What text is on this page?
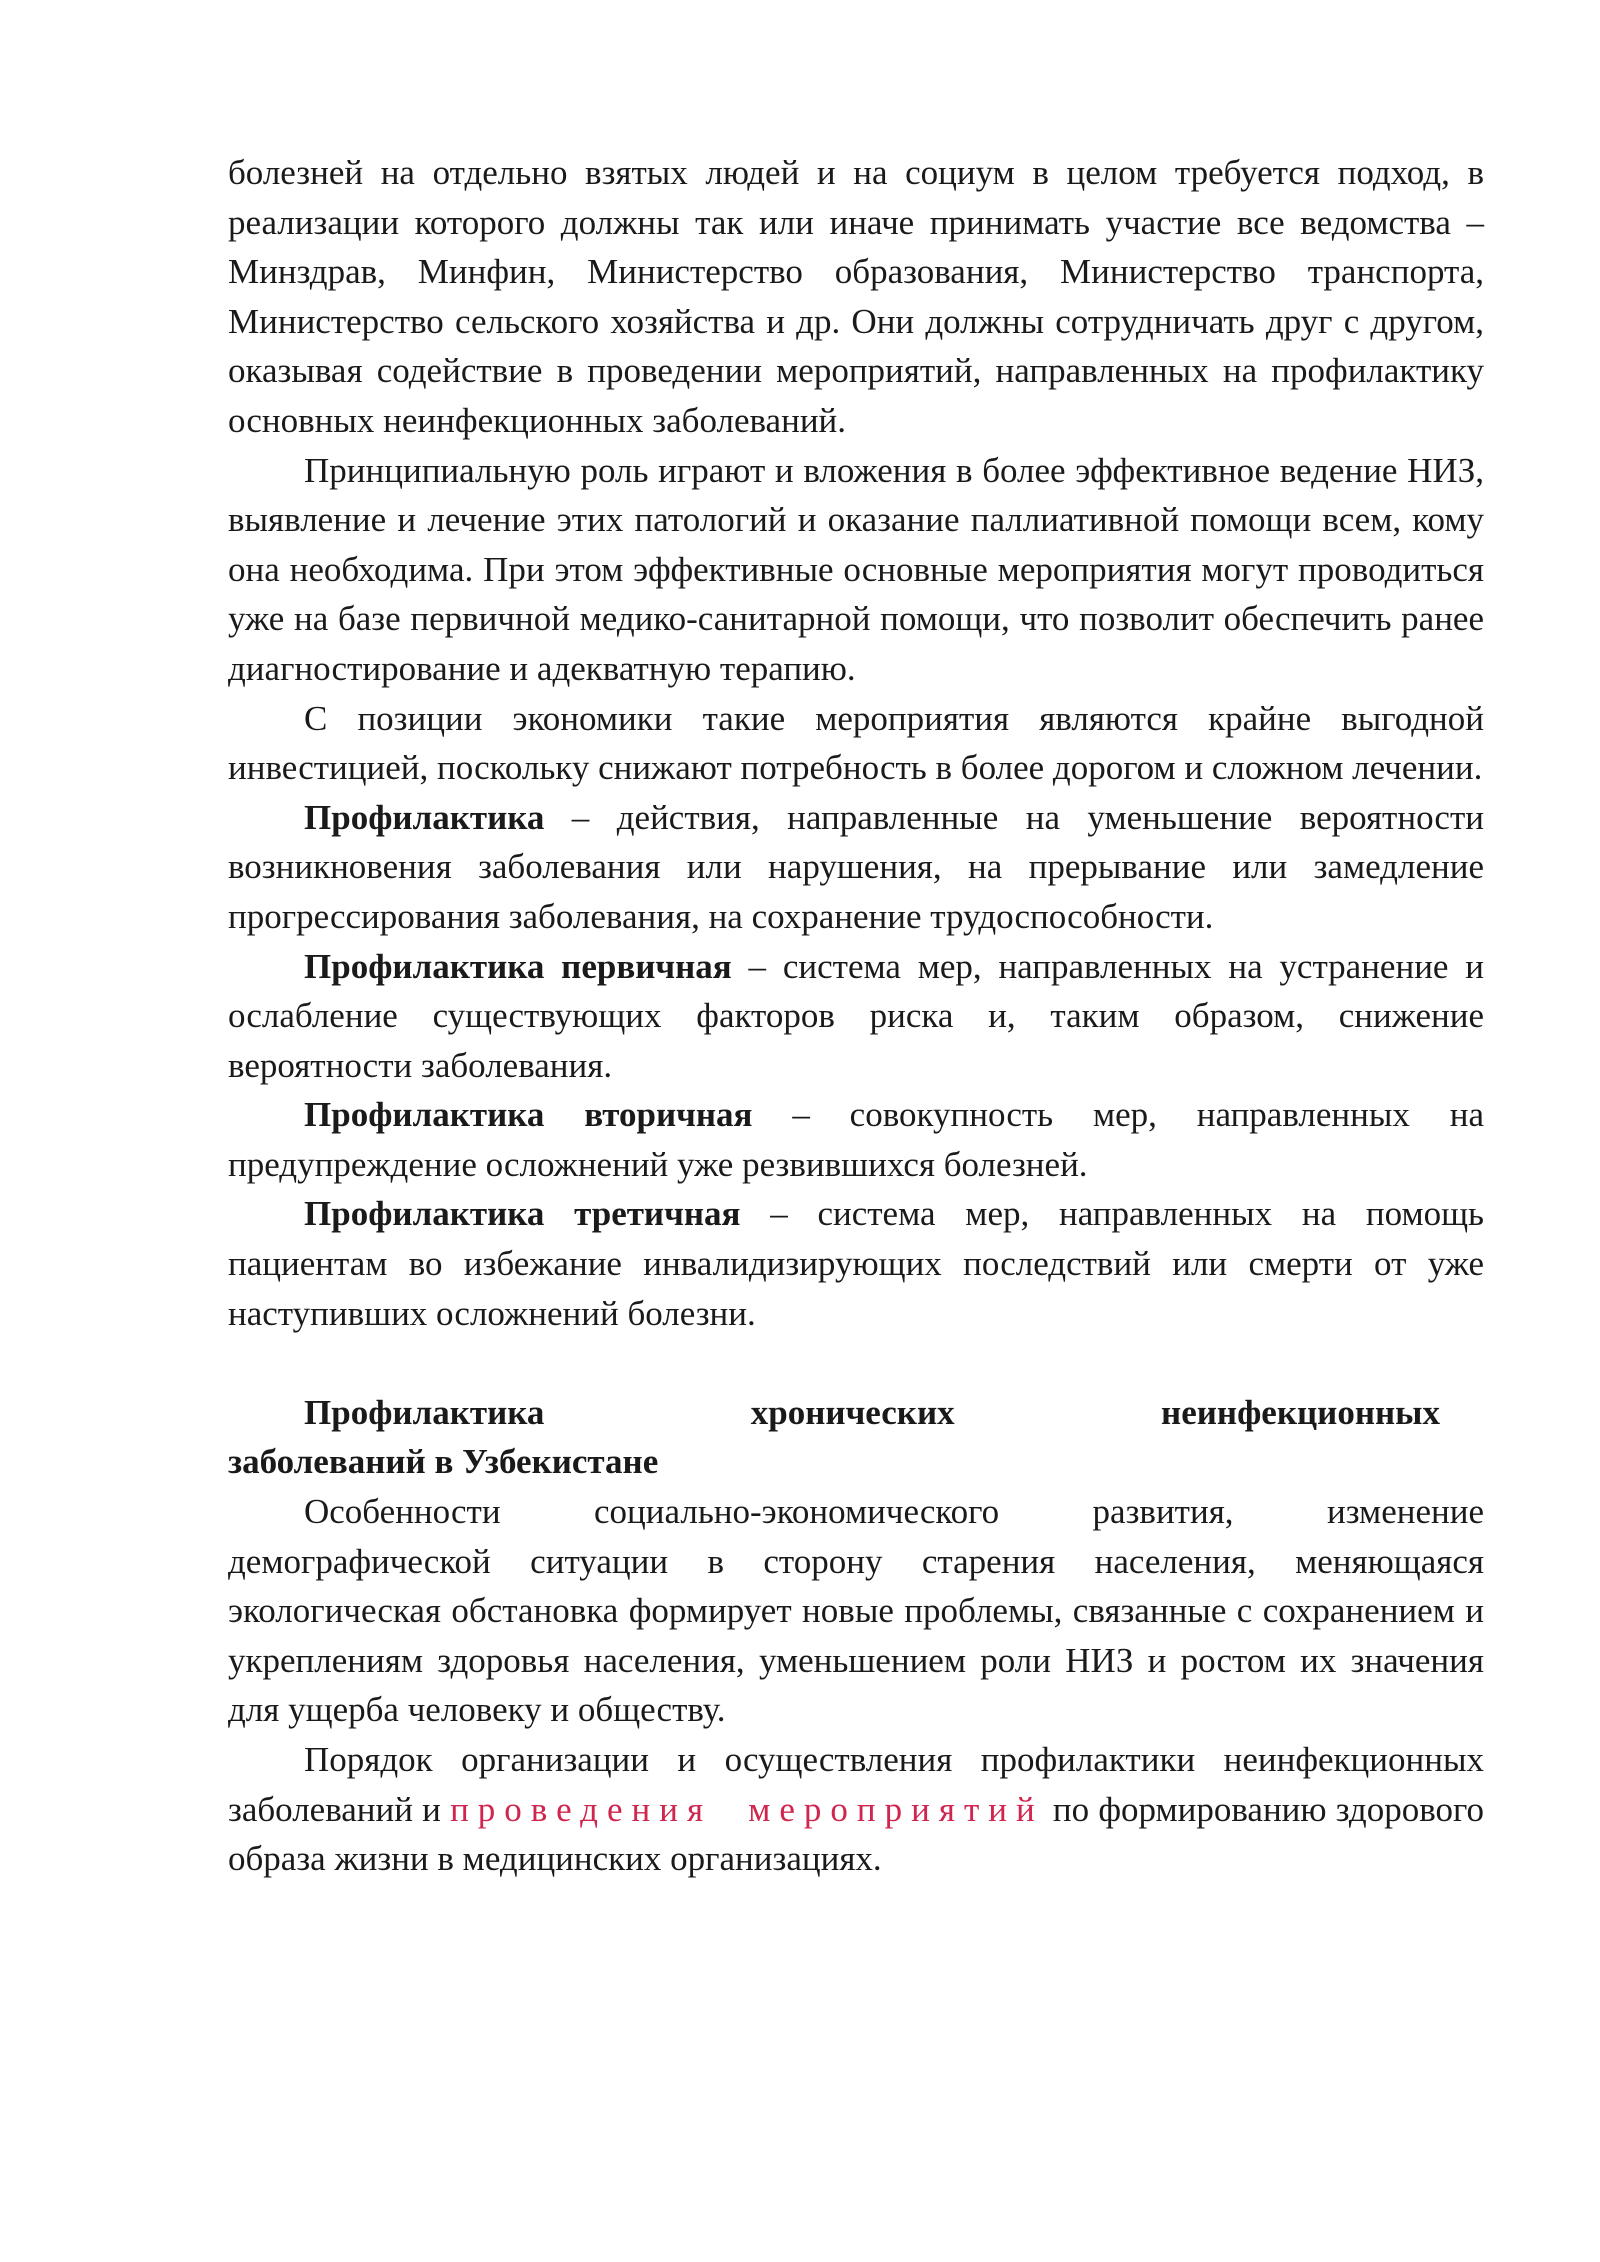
болезней на отдельно взятых людей и на социум в целом требуется подход, в реализации которого должны так или иначе принимать участие все ведомства – Минздрав, Минфин, Министерство образования, Министерство транспорта, Министерство сельского хозяйства и др. Они должны сотрудничать друг с другом, оказывая содействие в проведении мероприятий, направленных на профилактику основных неинфекционных заболеваний.

Принципиальную роль играют и вложения в более эффективное ведение НИЗ, выявление и лечение этих патологий и оказание паллиативной помощи всем, кому она необходима. При этом эффективные основные мероприятия могут проводиться уже на базе первичной медико-санитарной помощи, что позволит обеспечить ранее диагностирование и адекватную терапию.

С позиции экономики такие мероприятия являются крайне выгодной инвестицией, поскольку снижают потребность в более дорогом и сложном лечении.

Профилактика – действия, направленные на уменьшение вероятности возникновения заболевания или нарушения, на прерывание или замедление прогрессирования заболевания, на сохранение трудоспособности.

Профилактика первичная – система мер, направленных на устранение и ослабление существующих факторов риска и, таким образом, снижение вероятности заболевания.

Профилактика вторичная – совокупность мер, направленных на предупреждение осложнений уже резвившихся болезней.

Профилактика третичная – система мер, направленных на помощь пациентам во избежание инвалидизирующих последствий или смерти от уже наступивших осложнений болезни.

Профилактика	хронических	неинфекционных
заболеваний в Узбекистане

Особенности социально-экономического развития, изменение демографической ситуации в сторону старения населения, меняющаяся экологическая обстановка формирует новые проблемы, связанные с сохранением и укреплениям здоровья населения, уменьшением роли НИЗ и ростом их значения для ущерба человеку и обществу.

Порядок организации и осуществления профилактики неинфекционных заболеваний и проведения мероприятий по формированию здорового образа жизни в медицинских организациях.
